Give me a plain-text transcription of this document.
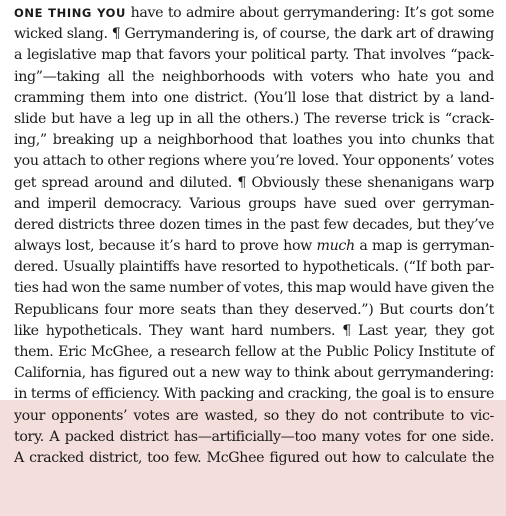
ONE THING YOU have to admire about gerrymandering: It’s got some
wicked slang. ¶ Gerrymandering is, of course, the dark art of drawing
a legislative map that favors your political party. That involves “pack-
ing”—taking all the neighborhoods with voters who hate you and
cramming them into one district. (You’ll lose that district by a land-
slide but have a leg up in all the others.) The reverse trick is “crack-
ing,” breaking up a neighborhood that loathes you into chunks that
you attach to other regions where you’re loved. Your opponents’ votes
get spread around and diluted. ¶ Obviously these shenanigans warp
and imperil democracy. Various groups have sued over gerryman-
dered districts three dozen times in the past few decades, but they’ve
always lost, because it’s hard to prove how much a map is gerryman-
dered. Usually plaintiffs have resorted to hypotheticals. (“If both par-
ties had won the same number of votes, this map would have given the
Republicans four more seats than they deserved.”) But courts don’t
like hypotheticals. They want hard numbers. ¶ Last year, they got
them. Eric McGhee, a research fellow at the Public Policy Institute of
California, has figured out a new way to think about gerrymandering:
in terms of efficiency. With packing and cracking, the goal is to ensure
your opponents’ votes are wasted, so they do not contribute to vic-
tory. A packed district has—artificially—too many votes for one side.
A cracked district, too few. McGhee figured out how to calculate the
